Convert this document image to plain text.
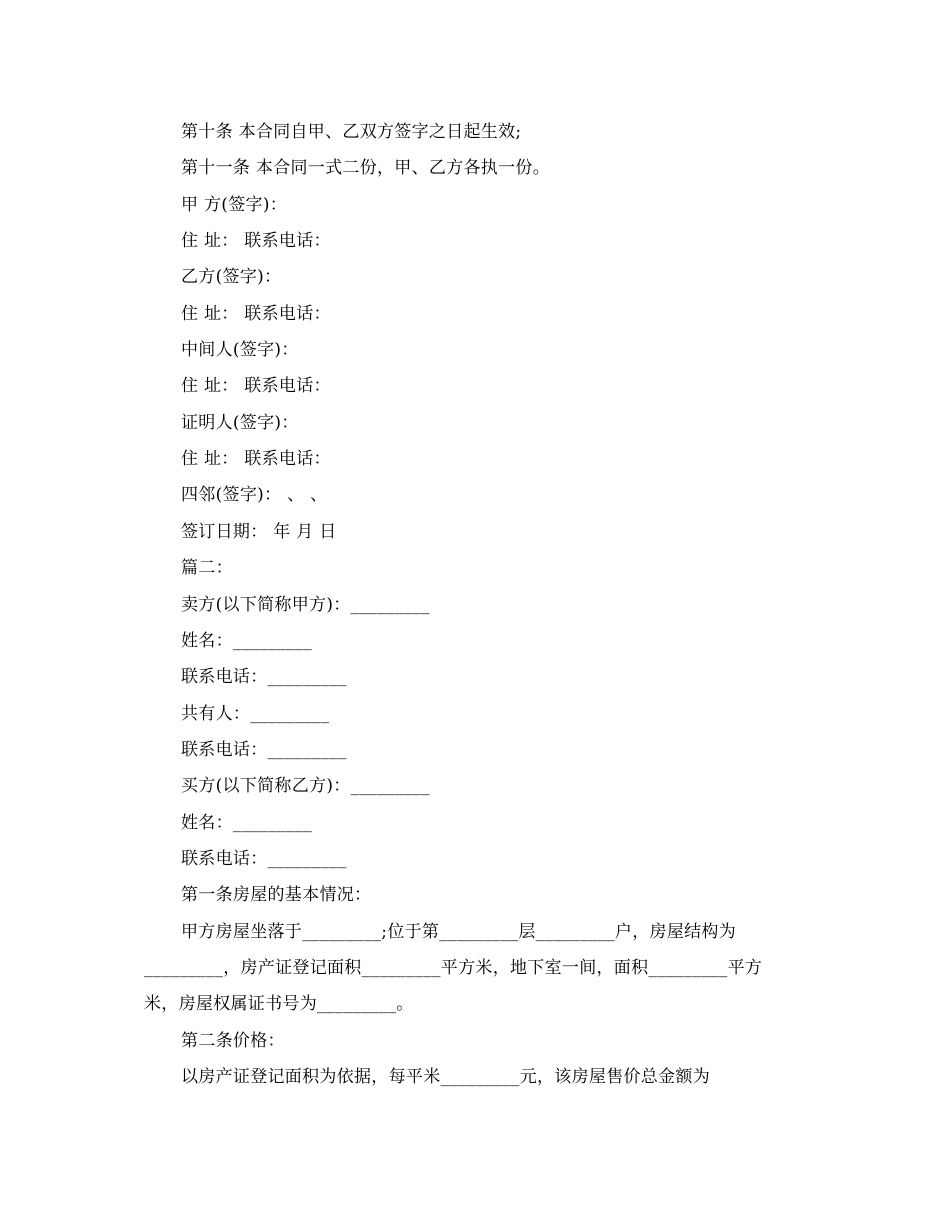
第十条 本合同自甲、乙双方签字之日起生效;
第十一条 本合同一式二份，甲、乙方各执一份。
甲 方(签字)：
住 址： 联系电话：
乙方(签字)：
住 址： 联系电话：
中间人(签字)：
住 址： 联系电话：
证明人(签字)：
住 址： 联系电话：
四邻(签字)： 、 、
签订日期： 年 月 日
篇二：
卖方(以下简称甲方)：_________
姓名：_________
联系电话：_________
共有人：_________
联系电话：_________
买方(以下简称乙方)：_________
姓名：_________
联系电话：_________
第一条房屋的基本情况：
甲方房屋坐落于_________;位于第_________层_________户，房屋结构为
_________，房产证登记面积_________平方米，地下室一间，面积_________平方
米，房屋权属证书号为_________。
第二条价格：
以房产证登记面积为依据，每平米_________元，该房屋售价总金额为
